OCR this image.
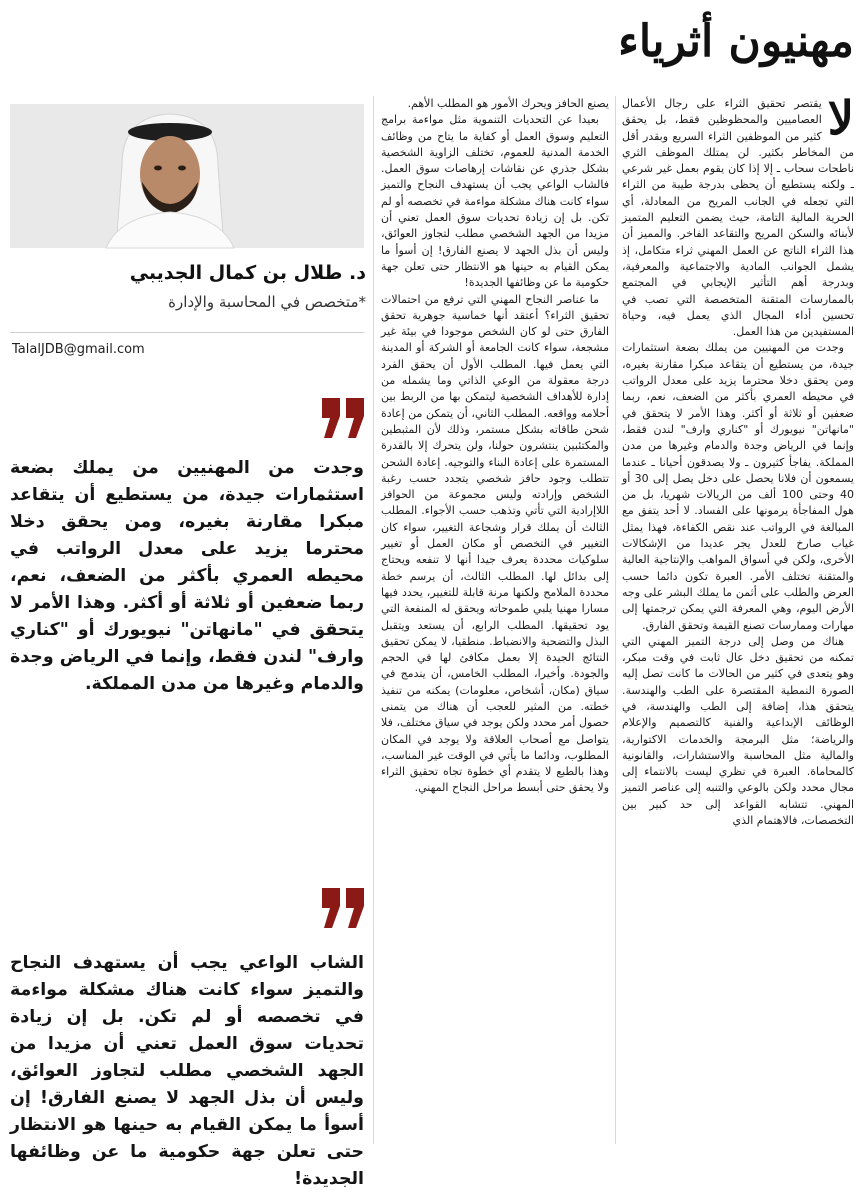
مهنيون أثرياء

لا
يقتصر تحقيق الثراء على رجال الأعمال العصاميين والمحظوظين فقط، بل يحقق كثير من الموظفين الثراء السريع وبقدر أقل من المخاطر بكثير. لن يمتلك الموظف الثري ناطحات سحاب ـ إلا إذا كان يقوم بعمل غير شرعي ـ ولكنه يستطيع أن يحظى بدرجة طيبة من الثراء التي تجعله في الجانب المريح من المعادلة، أي الحرية المالية التامة، حيث يضمن التعليم المتميز لأبنائه والسكن المريح والتقاعد الفاخر. والمميز أن هذا الثراء الناتج عن العمل المهني ثراء متكامل، إذ يشمل الجوانب المادية والاجتماعية والمعرفية، وبدرجة أهم التأثير الإيجابي في المجتمع بالممارسات المتقنة المتخصصة التي تصب في تحسين أداء المجال الذي يعمل فيه، وحياة المستفيدين من هذا العمل.

وجدت من المهنيين من يملك بضعة استثمارات جيدة، من يستطيع أن يتقاعد مبكرا مقارنة بغيره، ومن يحقق دخلا محترما يزيد على معدل الرواتب في محيطه العمري بأكثر من الضعف، نعم، ربما ضعفين أو ثلاثة أو أكثر. وهذا الأمر لا يتحقق في "مانهاتن" نيويورك أو "كناري وارف" لندن فقط، وإنما في الرياض وجدة والدمام وغيرها من مدن المملكة. يفاجأ كثيرون ـ ولا يصدقون أحيانا ـ عندما يسمعون أن فلانا يحصل على دخل يصل إلى 30 أو 40 وحتى 100 ألف من الريالات شهريا، بل من هول المفاجأة يرمونها على الفساد. لا أحد يتفق مع المبالغة في الرواتب عند نقص الكفاءة، فهذا يمثل غياب صارخ للعدل يجر عديدا من الإشكالات الأخرى، ولكن في أسواق المواهب والإنتاجية العالية والمتقنة تختلف الأمر. العبرة تكون دائما حسب العرض والطلب على أثمن ما يملك البشر على وجه الأرض اليوم، وهي المعرفة التي يمكن ترجمتها إلى مهارات وممارسات تصنع القيمة وتحقق الفارق.

هناك من وصل إلى درجة التميز المهني التي تمكنه من تحقيق دخل عال ثابت في وقت مبكر، وهو يتعدى في كثير من الحالات ما كانت تصل إليه الصورة النمطية المقتصرة على الطب والهندسة. يتحقق هذا، إضافة إلى الطب والهندسة، في الوظائف الإبداعية والفنية كالتصميم والإعلام والرياضة؛ مثل البرمجة والخدمات الاكتوارية، والمالية مثل المحاسبة والاستشارات، والقانونية كالمحاماة. العبرة في نظري ليست بالانتماء إلى مجال محدد ولكن بالوعي والتنبه إلى عناصر التميز المهني. تتشابه القواعد إلى حد كبير بين التخصصات، فالاهتمام الذي

يصنع الحافز ويحرك الأمور هو المطلب الأهم.

بعيدا عن التحديات التنموية مثل مواءمة برامج التعليم وسوق العمل أو كفاية ما يتاح من وظائف الخدمة المدنية للعموم، تختلف الزاوية الشخصية بشكل جذري عن نقاشات إرهاصات سوق العمل. فالشاب الواعي يجب أن يستهدف النجاح والتميز سواء كانت هناك مشكلة مواءمة في تخصصه أو لم تكن. بل إن زيادة تحديات سوق العمل تعني أن مزيدا من الجهد الشخصي مطلب لتجاوز العوائق، وليس أن بذل الجهد لا يصنع الفارق! إن أسوأ ما يمكن القيام به حينها هو الانتظار حتى تعلن جهة حكومية ما عن وظائفها الجديدة!

ما عناصر النجاح المهني التي ترفع من احتمالات تحقيق الثراء؟ أعتقد أنها خماسية جوهرية تحقق الفارق حتى لو كان الشخص موجودا في بيئة غير مشجعة، سواء كانت الجامعة أو الشركة أو المدينة التي يعمل فيها. المطلب الأول أن يحقق الفرد درجة معقولة من الوعي الذاتي وما يشمله من إدارة للأهداف الشخصية ليتمكن بها من الربط بين أحلامه وواقعه. المطلب الثاني، أن يتمكن من إعادة شحن طاقاته بشكل مستمر، وذلك لأن المثبطين والمكتئبين ينتشرون حولنا، ولن يتحرك إلا بالقدرة المستمرة على إعادة البناء والتوجيه. إعادة الشحن تتطلب وجود حافز شخصي يتجدد حسب رغبة الشخص وإرادته وليس مجموعة من الحوافز اللاإرادية التي تأتي وتذهب حسب الأجواء. المطلب الثالث أن يملك قرار وشجاعة التغيير، سواء كان التغيير في التخصص أو مكان العمل أو تغيير سلوكيات محددة يعرف جيدا أنها لا تنفعه ويحتاج إلى بدائل لها. المطلب الثالث، أن يرسم خطة محددة الملامح ولكنها مرنة قابلة للتغيير، يحدد فيها مسارا مهنيا يلبي طموحاته ويحقق له المنفعة التي يود تحقيقها. المطلب الرابع، أن يستعد ويتقبل البذل والتضحية والانضباط. منطقيا، لا يمكن تحقيق النتائج الجيدة إلا بعمل مكافئ لها في الحجم والجودة. وأخيرا، المطلب الخامس، أن يندمج في سياق (مكان، أشخاص، معلومات) يمكنه من تنفيذ خطته. من المثير للعجب أن هناك من يتمنى حصول أمر محدد ولكن يوجد في سياق مختلف، فلا يتواصل مع أصحاب العلاقة ولا يوجد في المكان المطلوب، ودائما ما يأتي في الوقت غير المناسب، وهذا بالطبع لا يتقدم أي خطوة تجاه تحقيق الثراء ولا يحقق حتى أبسط مراحل النجاح المهني.

د. طلال بن كمال الجديبي
*متخصص في المحاسبة والإدارة
TalalJDB@gmail.com
وجدت من المهنيين من يملك بضعة استثمارات جيدة، من يستطيع أن يتقاعد مبكرا مقارنة بغيره، ومن يحقق دخلا محترما يزيد على معدل الرواتب في محيطه العمري بأكثر من الضعف، نعم، ربما ضعفين أو ثلاثة أو أكثر. وهذا الأمر لا يتحقق في "مانهاتن" نيويورك أو "كناري وارف" لندن فقط، وإنما في الرياض وجدة والدمام وغيرها من مدن المملكة.
الشاب الواعي يجب أن يستهدف النجاح والتميز سواء كانت هناك مشكلة مواءمة في تخصصه أو لم تكن. بل إن زيادة تحديات سوق العمل تعني أن مزيدا من الجهد الشخصي مطلب لتجاوز العوائق، وليس أن بذل الجهد لا يصنع الفارق! إن أسوأ ما يمكن القيام به حينها هو الانتظار حتى تعلن جهة حكومية ما عن وظائفها الجديدة!
